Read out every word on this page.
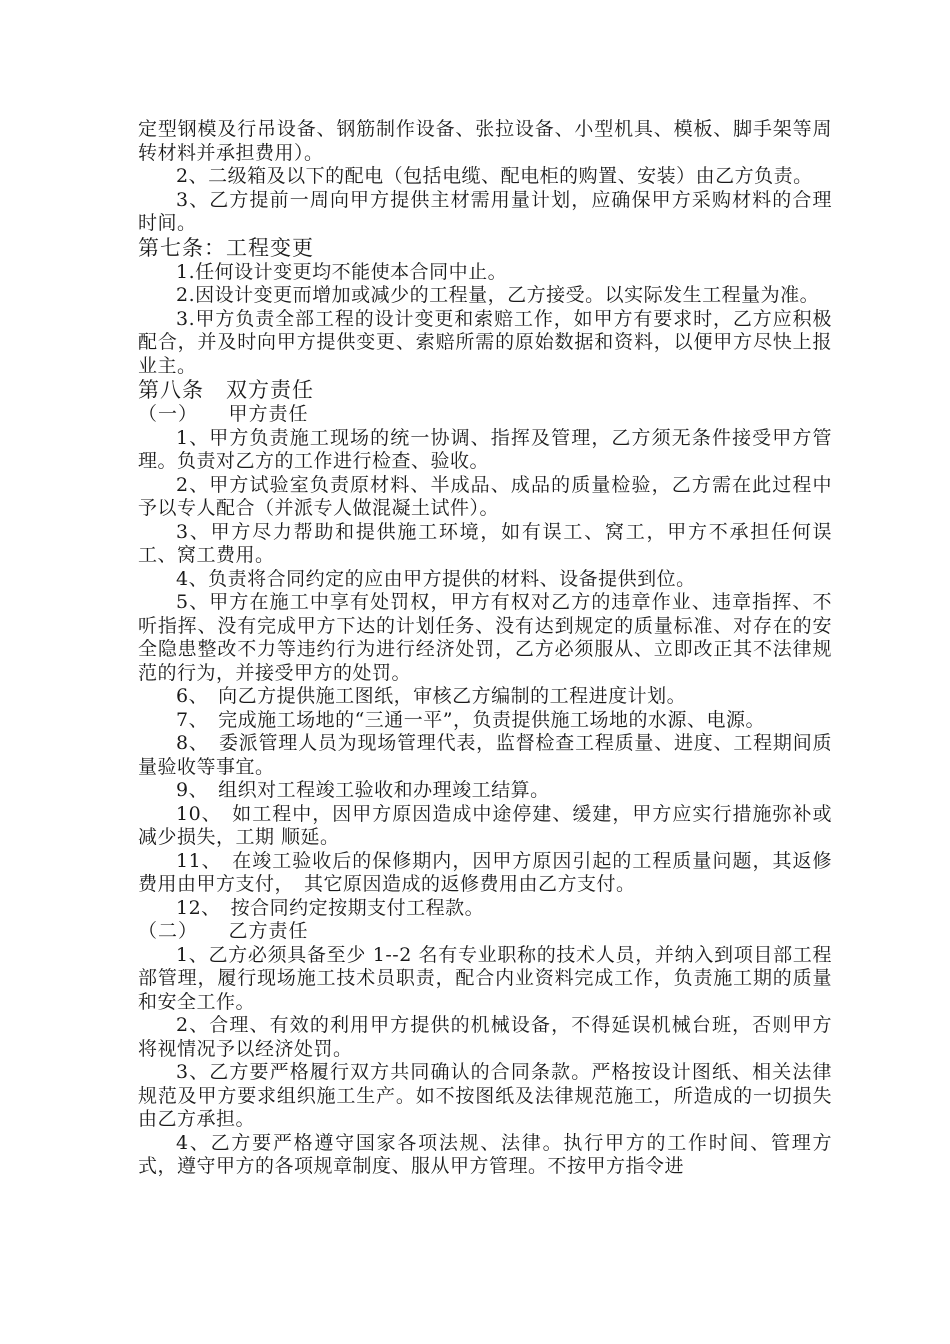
定型钢模及行吊设备、钢筋制作设备、张拉设备、小型机具、模板、脚手架等周转材料并承担费用）。

2、二级箱及以下的配电（包括电缆、配电柜的购置、安装）由乙方负责。

3、乙方提前一周向甲方提供主材需用量计划，应确保甲方采购材料的合理时间。

第七条：工程变更

1.任何设计变更均不能使本合同中止。

2.因设计变更而增加或减少的工程量，乙方接受。以实际发生工程量为准。

3.甲方负责全部工程的设计变更和索赔工作，如甲方有要求时，乙方应积极配合，并及时向甲方提供变更、索赔所需的原始数据和资料，以便甲方尽快上报业主。

第八条　双方责任

（一）　　甲方责任

1、甲方负责施工现场的统一协调、指挥及管理，乙方须无条件接受甲方管理。负责对乙方的工作进行检查、验收。

2、甲方试验室负责原材料、半成品、成品的质量检验，乙方需在此过程中予以专人配合（并派专人做混凝土试件）。

3、甲方尽力帮助和提供施工环境，如有误工、窝工，甲方不承担任何误工、窝工费用。

4、负责将合同约定的应由甲方提供的材料、设备提供到位。

5、甲方在施工中享有处罚权，甲方有权对乙方的违章作业、违章指挥、不听指挥、没有完成甲方下达的计划任务、没有达到规定的质量标准、对存在的安全隐患整改不力等违约行为进行经济处罚，乙方必须服从、立即改正其不法律规范的行为，并接受甲方的处罚。

6、　向乙方提供施工图纸，审核乙方编制的工程进度计划。

7、　完成施工场地的“三通一平”，负责提供施工场地的水源、电源。

8、　委派管理人员为现场管理代表，监督检查工程质量、进度、工程期间质量验收等事宜。

9、　组织对工程竣工验收和办理竣工结算。

10、　如工程中，因甲方原因造成中途停建、缓建，甲方应实行措施弥补或减少损失，工期 顺延。

11、　在竣工验收后的保修期内，因甲方原因引起的工程质量问题，其返修费用由甲方支付，　其它原因造成的返修费用由乙方支付。

12、　按合同约定按期支付工程款。

（二）　　乙方责任

1、乙方必须具备至少 1--2 名有专业职称的技术人员，并纳入到项目部工程部管理，履行现场施工技术员职责，配合内业资料完成工作，负责施工期的质量和安全工作。

2、合理、有效的利用甲方提供的机械设备，不得延误机械台班，否则甲方将视情况予以经济处罚。

3、乙方要严格履行双方共同确认的合同条款。严格按设计图纸、相关法律规范及甲方要求组织施工生产。如不按图纸及法律规范施工，所造成的一切损失由乙方承担。

4、乙方要严格遵守国家各项法规、法律。执行甲方的工作时间、管理方式，遵守甲方的各项规章制度、服从甲方管理。不按甲方指令进
